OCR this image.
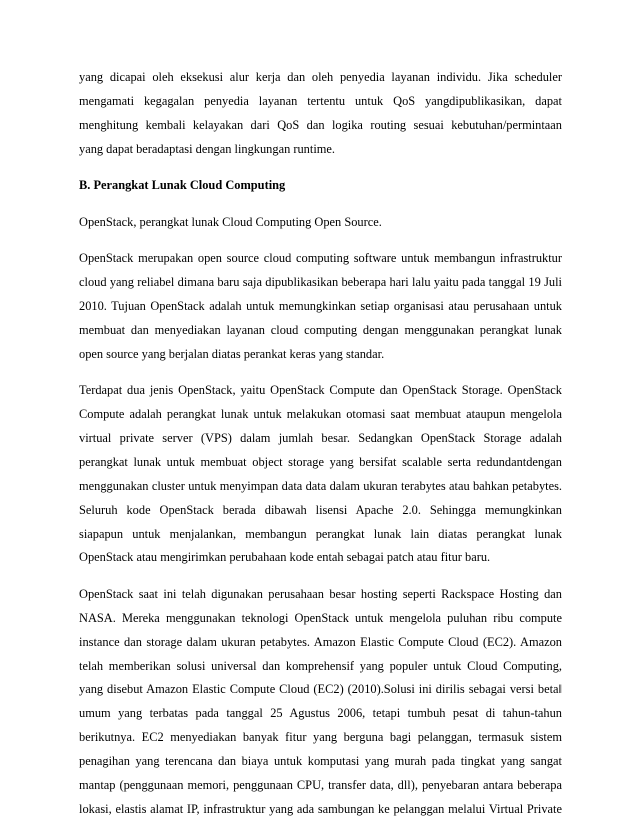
yang dicapai oleh eksekusi alur kerja dan oleh penyedia layanan individu. Jika scheduler
mengamati kegagalan penyedia layanan tertentu untuk QoS yangdipublikasikan, dapat
menghitung kembali kelayakan dari QoS dan logika routing sesuai kebutuhan/permintaan
yang dapat beradaptasi dengan lingkungan runtime.
B. Perangkat Lunak Cloud Computing
OpenStack, perangkat lunak Cloud Computing Open Source.
OpenStack merupakan open source cloud computing software untuk membangun infrastruktur
cloud yang reliabel dimana baru saja dipublikasikan beberapa hari lalu yaitu pada tanggal 19 Juli
2010. Tujuan OpenStack adalah untuk memungkinkan setiap organisasi atau perusahaan untuk
membuat dan menyediakan layanan cloud computing dengan menggunakan perangkat lunak
open source yang berjalan diatas perankat keras yang standar.
Terdapat dua jenis OpenStack, yaitu OpenStack Compute dan OpenStack Storage. OpenStack
Compute adalah perangkat lunak untuk melakukan otomasi saat membuat ataupun mengelola
virtual private server (VPS) dalam jumlah besar. Sedangkan OpenStack Storage adalah
perangkat lunak untuk membuat object storage yang bersifat scalable serta redundantdengan
menggunakan cluster untuk menyimpan data data dalam ukuran terabytes atau bahkan petabytes.
Seluruh kode OpenStack berada dibawah lisensi Apache 2.0. Sehingga memungkinkan
siapapun untuk menjalankan, membangun perangkat lunak lain diatas perangkat lunak
OpenStack atau mengirimkan perubahaan kode entah sebagai patch atau fitur baru.
OpenStack saat ini telah digunakan perusahaan besar hosting seperti Rackspace Hosting dan
NASA. Mereka menggunakan teknologi OpenStack untuk mengelola puluhan ribu compute
instance dan storage dalam ukuran petabytes. Amazon Elastic Compute Cloud (EC2). Amazon
telah memberikan solusi universal dan komprehensif yang populer untuk Cloud Computing,
yang disebut Amazon Elastic Compute Cloud (EC2) (2010).Solusi ini dirilis sebagai versi beta‖
umum yang terbatas pada tanggal 25 Agustus 2006, tetapi tumbuh pesat di tahun-tahun
berikutnya. EC2 menyediakan banyak fitur yang berguna bagi pelanggan, termasuk sistem
penagihan yang terencana dan biaya untuk komputasi yang murah pada tingkat yang sangat
mantap (penggunaan memori, penggunaan CPU, transfer data, dll), penyebaran antara beberapa
lokasi, elastis alamat IP, infrastruktur yang ada sambungan ke pelanggan melalui Virtual Private
